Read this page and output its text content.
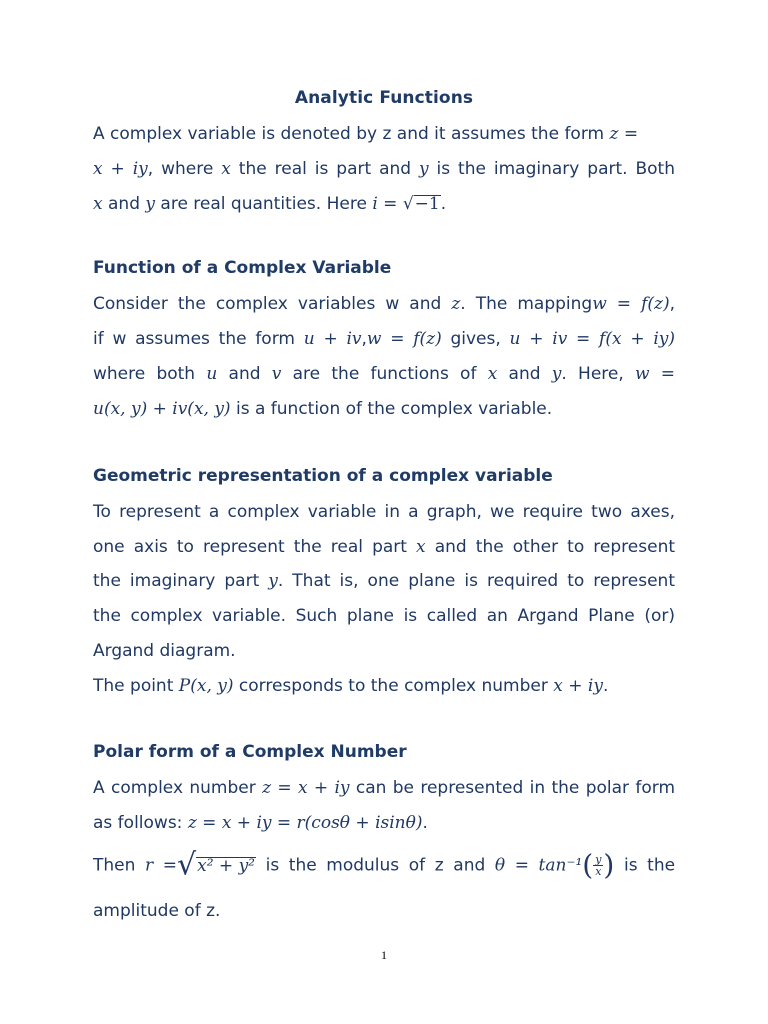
Analytic Functions
A complex variable is denoted by z and it assumes the form z =
x + iy, where x the real is part and y is the imaginary part. Both
x and y are real quantities. Here i = √−1.
Function of a Complex Variable
Consider the complex variables w and z. The mappingw = f(z),
if w assumes the form u + iv,w = f(z) gives, u + iv = f(x + iy)
where both u and v are the functions of x and y. Here, w =
u(x, y) + iv(x, y) is a function of the complex variable.
Geometric representation of a complex variable
To represent a complex variable in a graph, we require two axes,
one axis to represent the real part x and the other to represent
the imaginary part y. That is, one plane is required to represent
the complex variable. Such plane is called an Argand Plane (or)
Argand diagram.
The point P(x, y) corresponds to the complex number x + iy.
Polar form of a Complex Number
A complex number z = x + iy can be represented in the polar form
as follows: z = x + iy = r(cosθ + isinθ).
Then r =√x² + y² is the modulus of z and $\theta = \tan^{-1}( \frac{y}{x}$ ) is the
amplitude of z.
1
